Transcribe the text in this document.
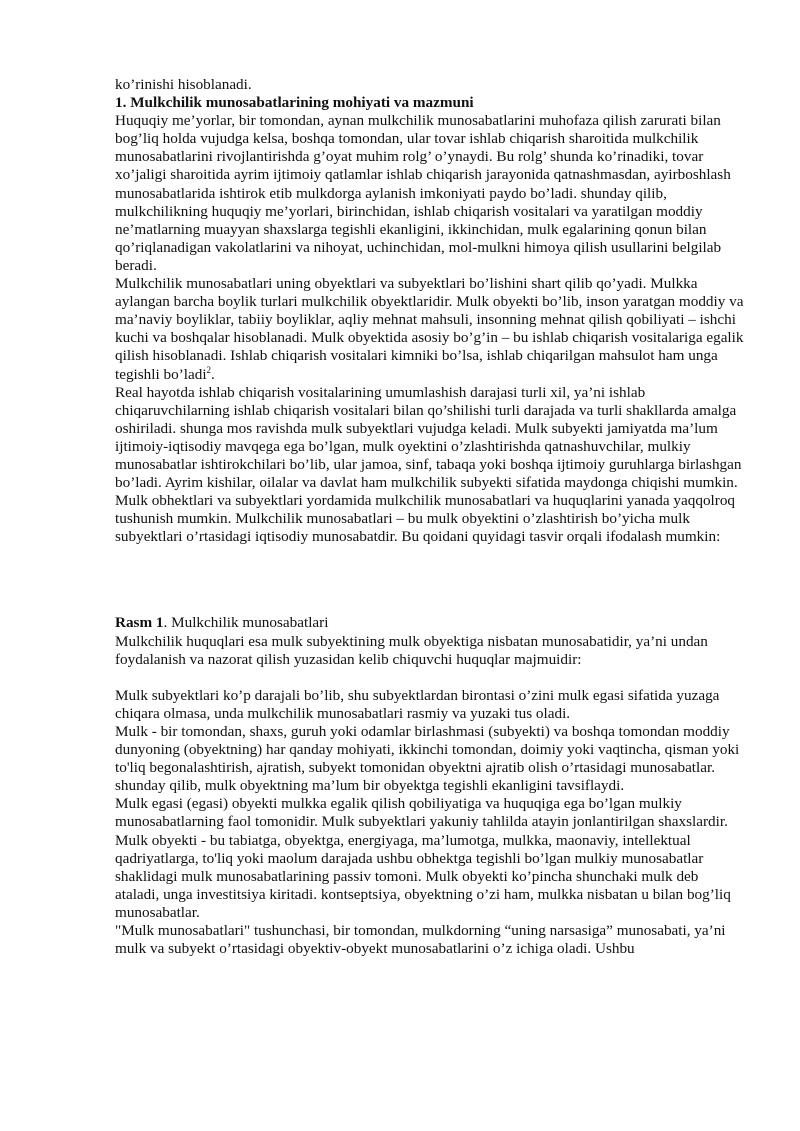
ko’rinishi hisoblanadi.

1. Mulkchilik munosabatlarining mohiyati va mazmuni

Huquqiy me’yorlar, bir tomondan, aynan mulkchilik munosabatlarini muhofaza qilish zarurati bilan bog’liq holda vujudga kelsa, boshqa tomondan, ular tovar ishlab chiqarish sharoitida mulkchilik munosabatlarini rivojlantirishda g’oyat muhim rolg’ o’ynaydi. Bu rolg’ shunda ko’rinadiki, tovar xo’jaligi sharoitida ayrim ijtimoiy qatlamlar ishlab chiqarish jarayonida qatnashmasdan, ayirboshlash munosabatlarida ishtirok etib mulkdorga aylanish imkoniyati paydo bo’ladi. shunday qilib, mulkchilikning huquqiy me’yorlari, birinchidan, ishlab chiqarish vositalari va yaratilgan moddiy ne’matlarning muayyan shaxslarga tegishli ekanligini, ikkinchidan, mulk egalarining qonun bilan qo’riqlanadigan vakolatlarini va nihoyat, uchinchidan, mol-mulkni himoya qilish usullarini belgilab beradi.

Mulkchilik munosabatlari uning obyektlari va subyektlari bo’lishini shart qilib qo’yadi. Mulkka aylangan barcha boylik turlari mulkchilik obyektlaridir. Mulk obyekti bo’lib, inson yaratgan moddiy va ma’naviy boyliklar, tabiiy boyliklar, aqliy mehnat mahsuli, insonning mehnat qilish qobiliyati – ishchi kuchi va boshqalar hisoblanadi. Mulk obyektida asosiy bo’g’in – bu ishlab chiqarish vositalariga egalik qilish hisoblanadi. Ishlab chiqarish vositalari kimniki bo’lsa, ishlab chiqarilgan mahsulot ham unga tegishli bo’ladi$^2$.

Real hayotda ishlab chiqarish vositalarining umumlashish darajasi turli xil, ya’ni ishlab chiqaruvchilarning ishlab chiqarish vositalari bilan qo’shilishi turli darajada va turli shakllarda amalga oshiriladi. shunga mos ravishda mulk subyektlari vujudga keladi. Mulk subyekti jamiyatda ma’lum ijtimoiy-iqtisodiy mavqega ega bo’lgan, mulk oyektini o’zlashtirishda qatnashuvchilar, mulkiy munosabatlar ishtirokchilari bo’lib, ular jamoa, sinf, tabaqa yoki boshqa ijtimoiy guruhlarga birlashgan bo’ladi. Ayrim kishilar, oilalar va davlat ham mulkchilik subyekti sifatida maydonga chiqishi mumkin.

Mulk obhektlari va subyektlari yordamida mulkchilik munosabatlari va huquqlarini yanada yaqqolroq tushunish mumkin. Mulkchilik munosabatlari – bu mulk obyektini o’zlashtirish bo’yicha mulk subyektlari o’rtasidagi iqtisodiy munosabatdir. Bu qoidani quyidagi tasvir orqali ifodalash mumkin:

Rasm 1. Mulkchilik munosabatlari

Mulkchilik huquqlari esa mulk subyektining mulk obyektiga nisbatan munosabatidir, ya’ni undan foydalanish va nazorat qilish yuzasidan kelib chiquvchi huquqlar majmuidir:

Mulk subyektlari ko’p darajali bo’lib, shu subyektlardan birontasi o’zini mulk egasi sifatida yuzaga chiqara olmasa, unda mulkchilik munosabatlari rasmiy va yuzaki tus oladi.

Mulk - bir tomondan, shaxs, guruh yoki odamlar birlashmasi (subyekti) va boshqa tomondan moddiy dunyoning (obyektning) har qanday mohiyati, ikkinchi tomondan, doimiy yoki vaqtincha, qisman yoki to'liq begonalashtirish, ajratish, subyekt tomonidan obyektni ajratib olish o’rtasidagi munosabatlar. shunday qilib, mulk obyektning ma’lum bir obyektga tegishli ekanligini tavsiflaydi.

Mulk egasi (egasi) obyekti mulkka egalik qilish qobiliyatiga va huquqiga ega bo’lgan mulkiy munosabatlarning faol tomonidir. Mulk subyektlari yakuniy tahlilda atayin jonlantirilgan shaxslardir. Mulk obyekti - bu tabiatga, obyektga, energiyaga, ma’lumotga, mulkka, maonaviy, intellektual qadriyatlarga, to'liq yoki maolum darajada ushbu obhektga tegishli bo’lgan mulkiy munosabatlar shaklidagi mulk munosabatlarining passiv tomoni. Mulk obyekti ko’pincha shunchaki mulk deb ataladi, unga investitsiya kiritadi. kontseptsiya, obyektning o’zi ham, mulkka nisbatan u bilan bog’liq munosabatlar.

"Mulk munosabatlari" tushunchasi, bir tomondan, mulkdorning “uning narsasiga” munosabati, ya’ni mulk va subyekt o’rtasidagi obyektiv-obyekt munosabatlarini o’z ichiga oladi. Ushbu
